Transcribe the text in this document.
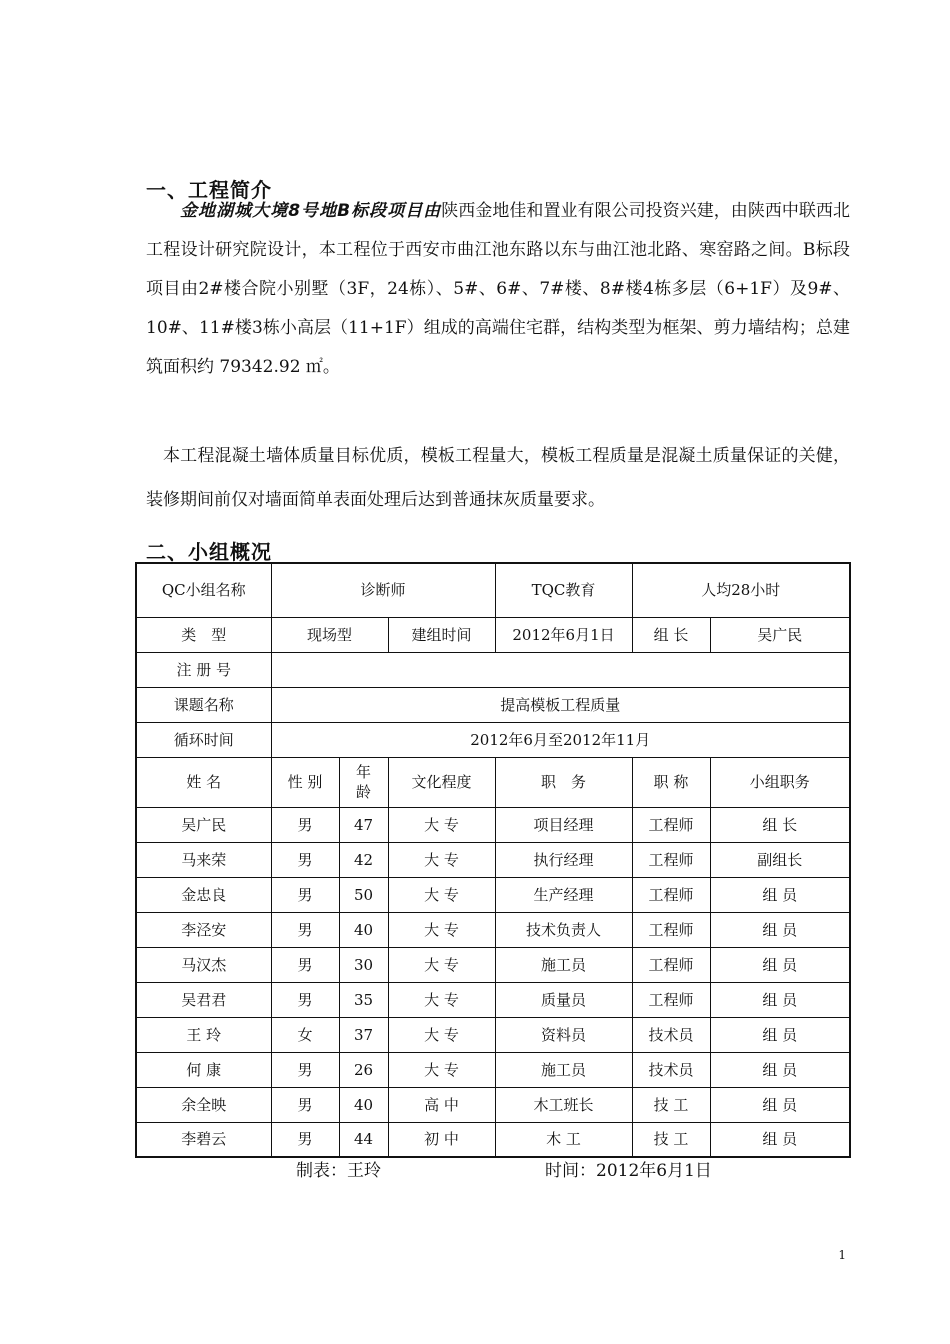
一、工程简介
金地湖城大境8号地B标段项目由陕西金地佳和置业有限公司投资兴建，由陕西中联西北工程设计研究院设计，本工程位于西安市曲江池东路以东与曲江池北路、寒窑路之间。B标段项目由2#楼合院小别墅（3F，24栋）、5#、6#、7#楼、8#楼4栋多层（6+1F）及9#、10#、11#楼3栋小高层（11+1F）组成的高端住宅群，结构类型为框架、剪力墙结构；总建筑面积约 79342.92 ㎡。
本工程混凝土墙体质量目标优质，模板工程量大，模板工程质量是混凝土质量保证的关健，装修期间前仅对墙面简单表面处理后达到普通抹灰质量要求。
二、小组概况
QC小组名称	诊断师			TQC教育	人均28小时	
类　型	现场型		建组时间	2012年6月1日	组 长	吴广民
注 册 号						
课题名称	提高模板工程质量					
循环时间	2012年6月至2012年11月					
姓 名	性 别	年龄	文化程度	职　务	职 称	小组职务
吴广民	男	47	大 专	项目经理	工程师	组 长
马来荣	男	42	大 专	执行经理	工程师	副组长
金忠良	男	50	大 专	生产经理	工程师	组 员
李泾安	男	40	大 专	技术负责人	工程师	组 员
马汉杰	男	30	大 专	施工员	工程师	组 员
吴君君	男	35	大 专	质量员	工程师	组 员
王 玲	女	37	大 专	资料员	技术员	组 员
何 康	男	26	大 专	施工员	技术员	组 员
余全映	男	40	高 中	木工班长	技 工	组 员
李碧云	男	44	初 中	木 工	技 工	组 员
制表：王玲	时间：2012年6月1日
1
